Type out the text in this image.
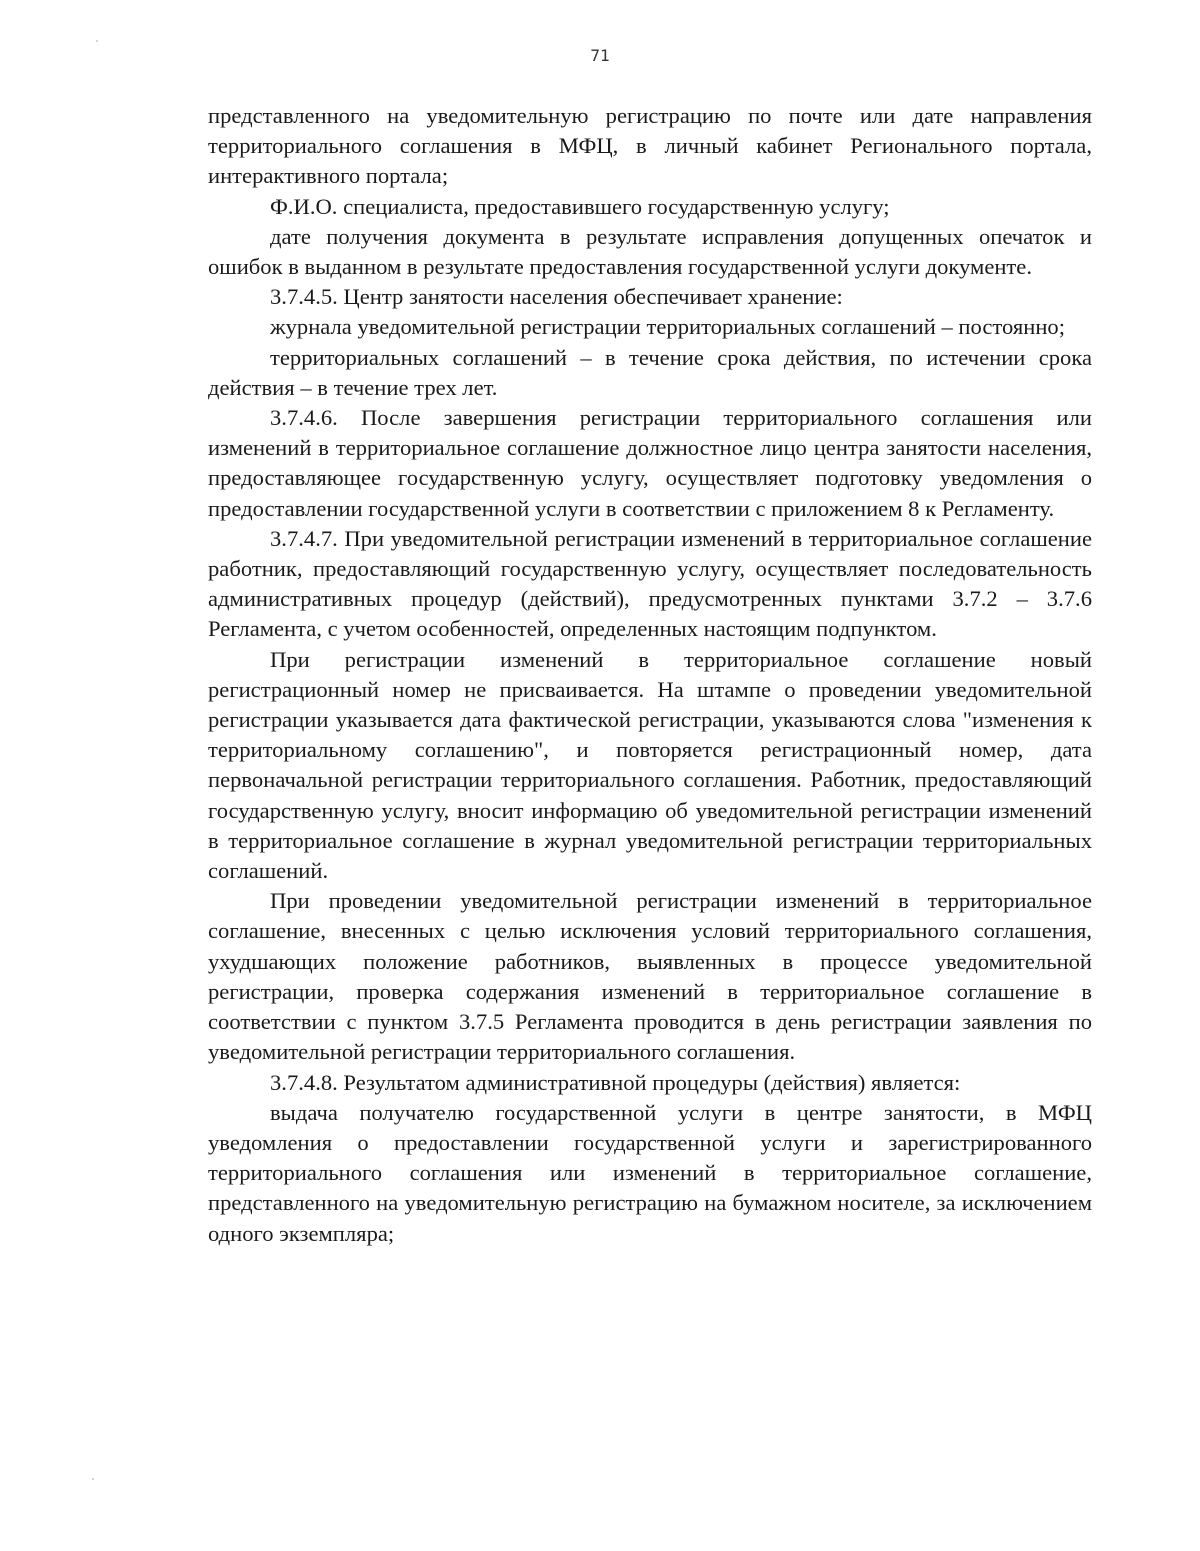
71

представленного на уведомительную регистрацию по почте или дате направления территориального соглашения в МФЦ, в личный кабинет Регионального портала, интерактивного портала;

Ф.И.О. специалиста, предоставившего государственную услугу;

дате получения документа в результате исправления допущенных опечаток и ошибок в выданном в результате предоставления государственной услуги документе.

3.7.4.5. Центр занятости населения обеспечивает хранение:

журнала уведомительной регистрации территориальных соглашений – постоянно;

территориальных соглашений – в течение срока действия, по истечении срока действия – в течение трех лет.

3.7.4.6. После завершения регистрации территориального соглашения или изменений в территориальное соглашение должностное лицо центра занятости населения, предоставляющее государственную услугу, осуществляет подготовку уведомления о предоставлении государственной услуги в соответствии с приложением 8 к Регламенту.

3.7.4.7. При уведомительной регистрации изменений в территориальное соглашение работник, предоставляющий государственную услугу, осуществляет последовательность административных процедур (действий), предусмотренных пунктами 3.7.2 – 3.7.6 Регламента, с учетом особенностей, определенных настоящим подпунктом.

При регистрации изменений в территориальное соглашение новый регистрационный номер не присваивается. На штампе о проведении уведомительной регистрации указывается дата фактической регистрации, указываются слова "изменения к территориальному соглашению", и повторяется регистрационный номер, дата первоначальной регистрации территориального соглашения. Работник, предоставляющий государственную услугу, вносит информацию об уведомительной регистрации изменений в территориальное соглашение в журнал уведомительной регистрации территориальных соглашений.

При проведении уведомительной регистрации изменений в территориальное соглашение, внесенных с целью исключения условий территориального соглашения, ухудшающих положение работников, выявленных в процессе уведомительной регистрации, проверка содержания изменений в территориальное соглашение в соответствии с пунктом 3.7.5 Регламента проводится в день регистрации заявления по уведомительной регистрации территориального соглашения.

3.7.4.8. Результатом административной процедуры (действия) является:

выдача получателю государственной услуги в центре занятости, в МФЦ уведомления о предоставлении государственной услуги и зарегистрированного территориального соглашения или изменений в территориальное соглашение, представленного на уведомительную регистрацию на бумажном носителе, за исключением одного экземпляра;
